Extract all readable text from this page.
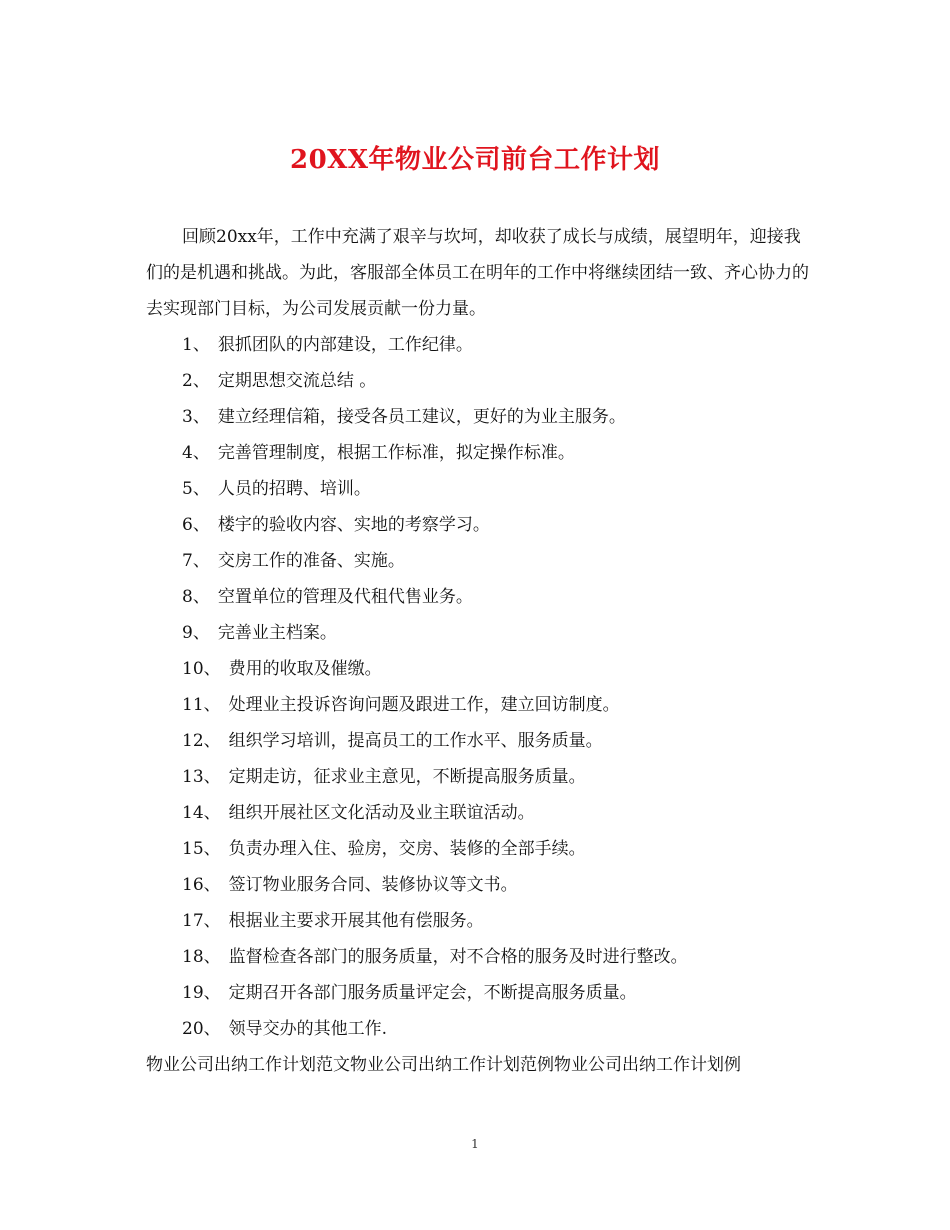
20XX年物业公司前台工作计划

回顾20xx年，工作中充满了艰辛与坎坷，却收获了成长与成绩，展望明年，迎接我们的是机遇和挑战。为此，客服部全体员工在明年的工作中将继续团结一致、齐心协力的去实现部门目标，为公司发展贡献一份力量。

1、 狠抓团队的内部建设，工作纪律。
2、 定期思想交流总结 。
3、 建立经理信箱，接受各员工建议，更好的为业主服务。
4、 完善管理制度，根据工作标准，拟定操作标准。
5、 人员的招聘、培训。
6、 楼宇的验收内容、实地的考察学习。
7、 交房工作的准备、实施。
8、 空置单位的管理及代租代售业务。
9、 完善业主档案。
10、 费用的收取及催缴。
11、 处理业主投诉咨询问题及跟进工作，建立回访制度。
12、 组织学习培训，提高员工的工作水平、服务质量。
13、 定期走访，征求业主意见，不断提高服务质量。
14、 组织开展社区文化活动及业主联谊活动。
15、 负责办理入住、验房，交房、装修的全部手续。
16、 签订物业服务合同、装修协议等文书。
17、 根据业主要求开展其他有偿服务。
18、 监督检查各部门的服务质量，对不合格的服务及时进行整改。
19、 定期召开各部门服务质量评定会，不断提高服务质量。
20、 领导交办的其他工作.

物业公司出纳工作计划范文物业公司出纳工作计划范例物业公司出纳工作计划例

1
